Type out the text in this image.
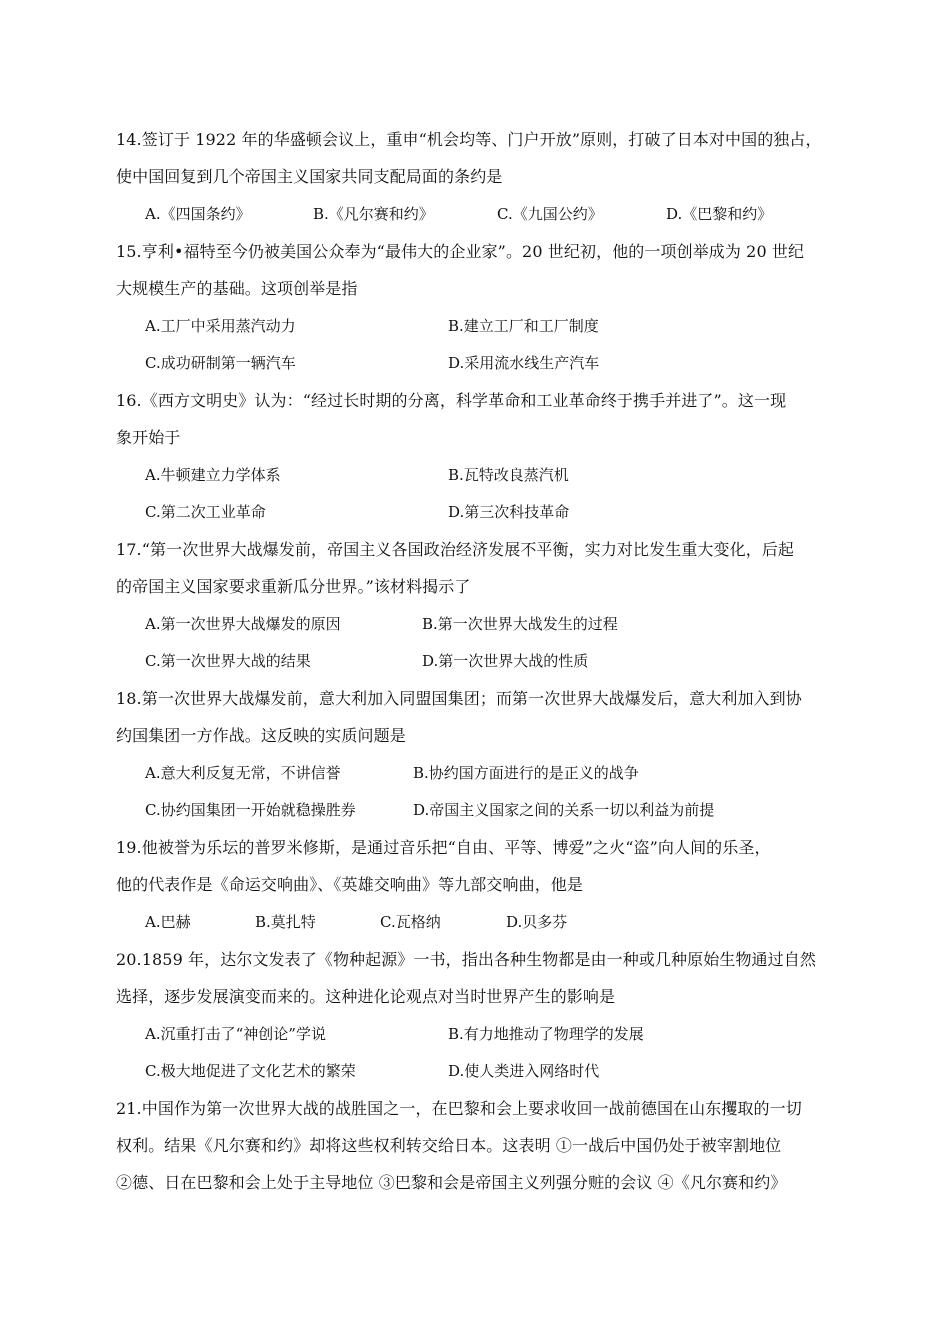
14.签订于 1922 年的华盛顿会议上，重申“机会均等、门户开放”原则，打破了日本对中国的独占，
使中国回复到几个帝国主义国家共同支配局面的条约是
A.《四国条约》	B.《凡尔赛和约》	C.《九国公约》	D.《巴黎和约》
15.亨利•福特至今仍被美国公众奉为“最伟大的企业家”。20 世纪初，他的一项创举成为 20 世纪
大规模生产的基础。这项创举是指
A.工厂中采用蒸汽动力	B.建立工厂和工厂制度
C.成功研制第一辆汽车	D.采用流水线生产汽车
16.《西方文明史》认为：“经过长时期的分离，科学革命和工业革命终于携手并进了”。这一现
象开始于
A.牛顿建立力学体系	B.瓦特改良蒸汽机
C.第二次工业革命	D.第三次科技革命
17.“第一次世界大战爆发前，帝国主义各国政治经济发展不平衡，实力对比发生重大变化，后起
的帝国主义国家要求重新瓜分世界。”该材料揭示了
A.第一次世界大战爆发的原因	B.第一次世界大战发生的过程
C.第一次世界大战的结果	D.第一次世界大战的性质
18.第一次世界大战爆发前，意大利加入同盟国集团；而第一次世界大战爆发后，意大利加入到协
约国集团一方作战。这反映的实质问题是
A.意大利反复无常，不讲信誉	B.协约国方面进行的是正义的战争
C.协约国集团一开始就稳操胜券	D.帝国主义国家之间的关系一切以利益为前提
19.他被誉为乐坛的普罗米修斯，是通过音乐把“自由、平等、博爱”之火“盗”向人间的乐圣，
他的代表作是《命运交响曲》、《英雄交响曲》等九部交响曲，他是
A.巴赫	B.莫扎特	C.瓦格纳	D.贝多芬
20.1859 年，达尔文发表了《物种起源》一书，指出各种生物都是由一种或几种原始生物通过自然
选择，逐步发展演变而来的。这种进化论观点对当时世界产生的影响是
A.沉重打击了“神创论”学说	B.有力地推动了物理学的发展
C.极大地促进了文化艺术的繁荣	D.使人类进入网络时代
21.中国作为第一次世界大战的战胜国之一，在巴黎和会上要求收回一战前德国在山东攫取的一切
权利。结果《凡尔赛和约》却将这些权利转交给日本。这表明 ①一战后中国仍处于被宰割地位
②德、日在巴黎和会上处于主导地位 ③巴黎和会是帝国主义列强分赃的会议 ④《凡尔赛和约》
